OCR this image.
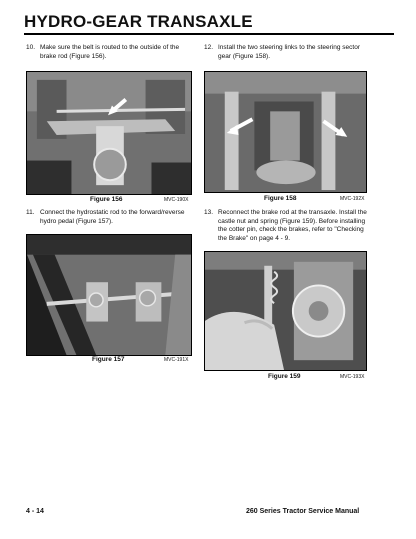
HYDRO-GEAR TRANSAXLE
10. Make sure the belt is routed to the outside of the brake rod (Figure 156).
12. Install the two steering links to the steering sector gear (Figure 158).
Figure 156	MVC-190X	Figure 158	MVC-192X
11. Connect the hydrostatic rod to the forward/reverse hydro pedal (Figure 157).
13. Reconnect the brake rod at the transaxle. Install the castle nut and spring (Figure 159). Before installing the cotter pin, check the brakes, refer to "Checking the Brake" on page 4 - 9.
Figure 157	MVC-191X
Figure 159	MVC-193X
4 - 14	260 Series Tractor Service Manual
